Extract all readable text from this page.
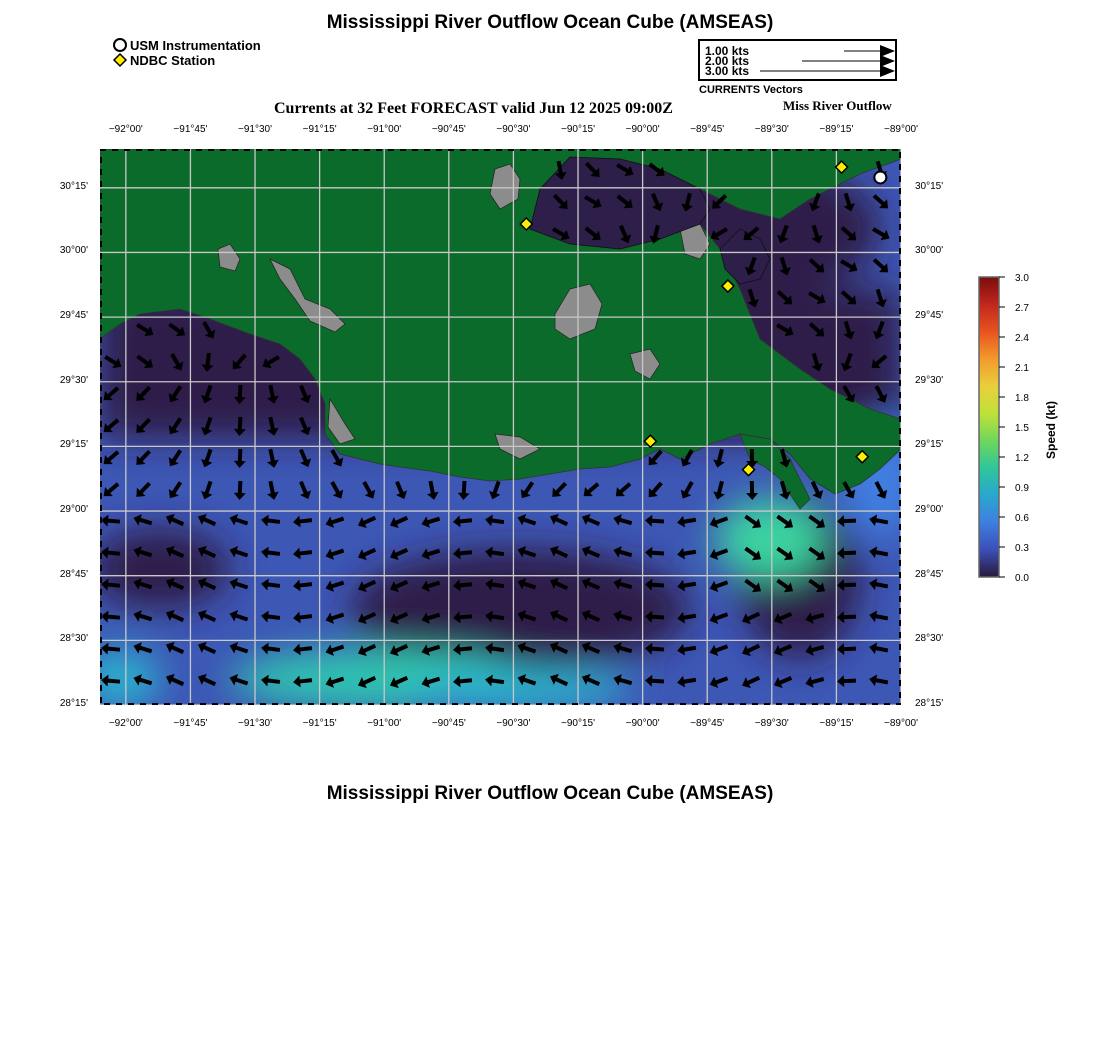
Mississippi River Outflow Ocean Cube (AMSEAS)
USM Instrumentation
NDBC Station
1.00 kts
2.00 kts
3.00 kts
CURRENTS Vectors
Currents at 32 Feet FORECAST valid Jun 12 2025 09:00Z	Miss River Outflow
−92°00'	−91°45'	−91°30'	−91°15'	−91°00'	−90°45'	−90°30'	−90°15'	−90°00'	−89°45'	−89°30'	−89°15'	−89°00'
−92°00'	−91°45'	−91°30'	−91°15'	−91°00'	−90°45'	−90°30'	−90°15'	−90°00'	−89°45'	−89°30'	−89°15'	−89°00'
30°15'
30°00'
29°45'
29°30'
29°15'
29°00'
28°45'
28°30'
28°15'
30°15'
30°00'
29°45'
29°30'
29°15'
29°00'
28°45'
28°30'
28°15'
3.0
2.7
2.4
2.1
1.8
1.5
1.2
0.9
0.6
0.3
0.0
Speed (kt)
Mississippi River Outflow Ocean Cube (AMSEAS)
